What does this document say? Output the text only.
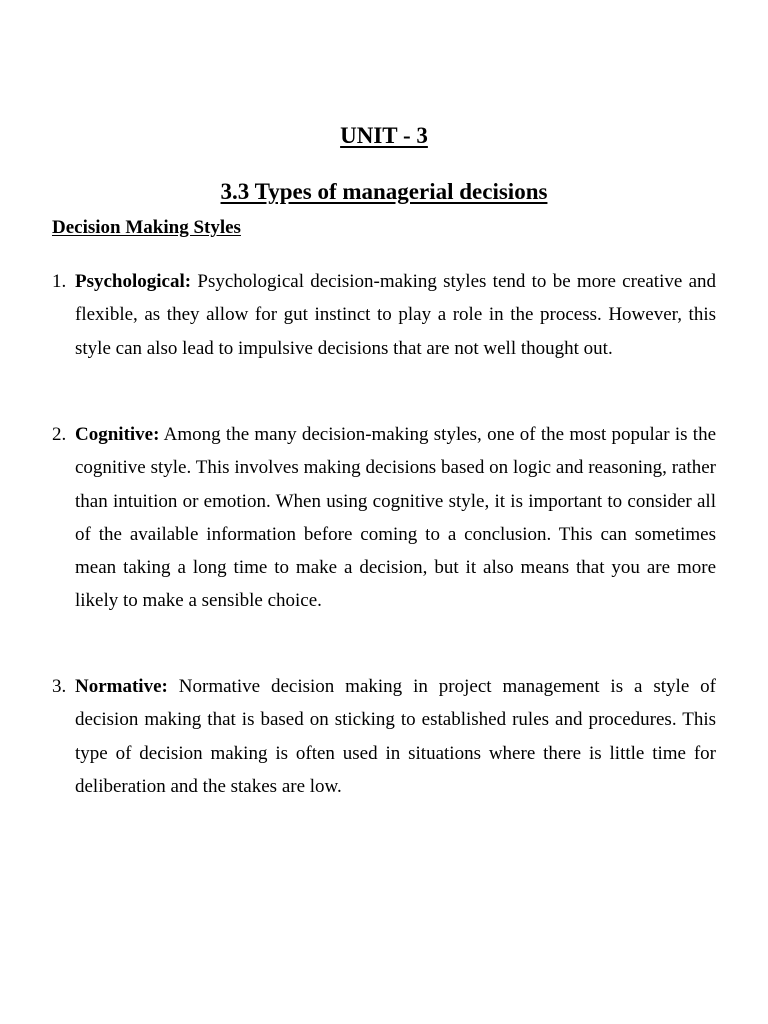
UNIT - 3
3.3 Types of managerial decisions
Decision Making Styles
1. Psychological: Psychological decision-making styles tend to be more creative and flexible, as they allow for gut instinct to play a role in the process. However, this style can also lead to impulsive decisions that are not well thought out.
2. Cognitive: Among the many decision-making styles, one of the most popular is the cognitive style. This involves making decisions based on logic and reasoning, rather than intuition or emotion. When using cognitive style, it is important to consider all of the available information before coming to a conclusion. This can sometimes mean taking a long time to make a decision, but it also means that you are more likely to make a sensible choice.
3. Normative: Normative decision making in project management is a style of decision making that is based on sticking to established rules and procedures. This type of decision making is often used in situations where there is little time for deliberation and the stakes are low.
